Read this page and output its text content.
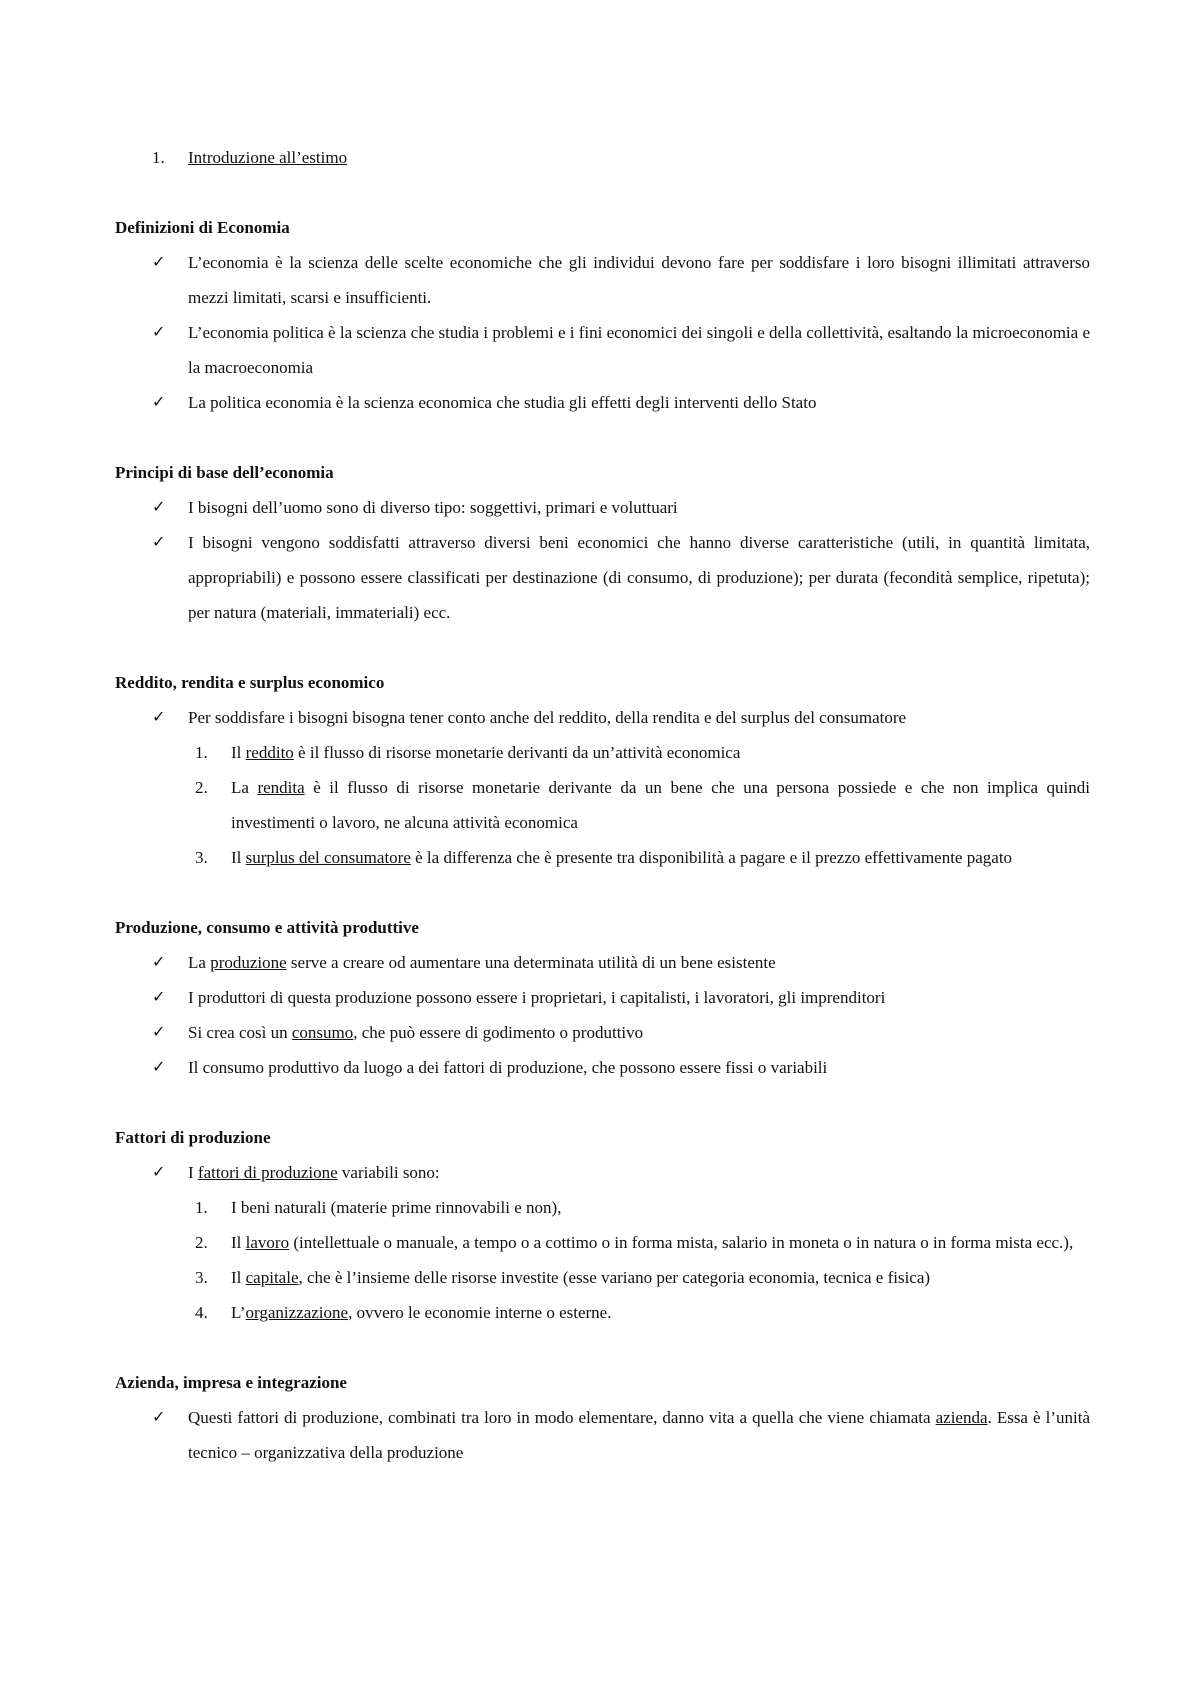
1. Introduzione all’estimo
Definizioni di Economia
✓ L’economia è la scienza delle scelte economiche che gli individui devono fare per soddisfare i loro bisogni illimitati attraverso mezzi limitati, scarsi e insufficienti.
✓ L’economia politica è la scienza che studia i problemi e i fini economici dei singoli e della collettività, esaltando la microeconomia e la macroeconomia
✓ La politica economia è la scienza economica che studia gli effetti degli interventi dello Stato
Principi di base dell’economia
✓ I bisogni dell’uomo sono di diverso tipo: soggettivi, primari e voluttuari
✓ I bisogni vengono soddisfatti attraverso diversi beni economici che hanno diverse caratteristiche (utili, in quantità limitata, appropriabili) e possono essere classificati per destinazione (di consumo, di produzione); per durata (fecondità semplice, ripetuta); per natura (materiali, immateriali) ecc.
Reddito, rendita e surplus economico
✓ Per soddisfare i bisogni bisogna tener conto anche del reddito, della rendita e del surplus del consumatore
1. Il reddito è il flusso di risorse monetarie derivanti da un’attività economica
2. La rendita è il flusso di risorse monetarie derivante da un bene che una persona possiede e che non implica quindi investimenti o lavoro, ne alcuna attività economica
3. Il surplus del consumatore è la differenza che è presente tra disponibilità a pagare e il prezzo effettivamente pagato
Produzione, consumo e attività produttive
✓ La produzione serve a creare od aumentare una determinata utilità di un bene esistente
✓ I produttori di questa produzione possono essere i proprietari, i capitalisti, i lavoratori, gli imprenditori
✓ Si crea così un consumo, che può essere di godimento o produttivo
✓ Il consumo produttivo da luogo a dei fattori di produzione, che possono essere fissi o variabili
Fattori di produzione
✓ I fattori di produzione variabili sono:
1. I beni naturali (materie prime rinnovabili e non),
2. Il lavoro (intellettuale o manuale, a tempo o a cottimo o in forma mista, salario in moneta o in natura o in forma mista ecc.),
3. Il capitale, che è l’insieme delle risorse investite (esse variano per categoria economia, tecnica e fisica)
4. L’organizzazione, ovvero le economie interne o esterne.
Azienda, impresa e integrazione
✓ Questi fattori di produzione, combinati tra loro in modo elementare, danno vita a quella che viene chiamata azienda. Essa è l’unità tecnico – organizzativa della produzione
